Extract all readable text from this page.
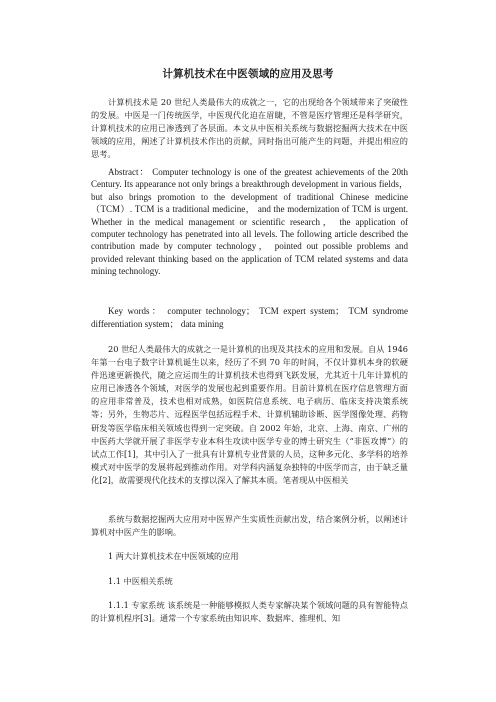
计算机技术在中医领域的应用及思考
计算机技术是 20 世纪人类最伟大的成就之一，它的出现给各个领域带来了突破性的发展。中医是一门传统医学，中医现代化迫在眉睫，不管是医疗管理还是科学研究，计算机技术的应用已渗透到了各层面。本文从中医相关系统与数据挖掘两大技术在中医领域的应用，阐述了计算机技术作出的贡献，同时指出可能产生的问题，并提出相应的思考。
Abstract： Computer technology is one of the greatest achievements of the 20th Century. Its appearance not only brings a breakthrough development in various fields，but also brings promotion to the development of traditional Chinese medicine （TCM）. TCM is a traditional medicine， and the modernization of TCM is urgent. Whether in the medical management or scientific research， the application of computer technology has penetrated into all levels. The following article described the contribution made by computer technology， pointed out possible problems and provided relevant thinking based on the application of TCM related systems and data mining technology.
Key words： computer technology； TCM expert system； TCM syndrome differentiation system； data mining
20 世纪人类最伟大的成就之一是计算机的出现及其技术的应用和发展。自从 1946 年第一台电子数字计算机诞生以来，经历了不到 70 年的时间，不仅计算机本身的软硬件迅速更新换代，随之应运而生的计算机技术也得到飞跃发展，尤其近十几年计算机的应用已渗透各个领域，对医学的发展也起到重要作用。目前计算机在医疗信息管理方面的应用非常普及，技术也相对成熟，如医院信息系统、电子病历、临床支持决策系统等；另外，生物芯片、远程医学包括远程手术、计算机辅助诊断、医学图像处理、药物研发等医学临床相关领域也得到一定突破。自 2002 年始，北京、上海、南京、广州的中医药大学就开展了非医学专业本科生攻读中医学专业的博士研究生（“非医攻博”）的试点工作[1]，其中引入了一批具有计算机专业背景的人员，这种多元化、多学科的培养模式对中医学的发展将起到推动作用。对学科内涵复杂独特的中医学而言，由于缺乏量化[2]，故需要现代化技术的支撑以深入了解其本质。笔者现从中医相关
系统与数据挖掘两大应用对中医界产生实质性贡献出发，结合案例分析，以阐述计算机对中医产生的影响。
1 两大计算机技术在中医领域的应用
1.1 中医相关系统
1.1.1 专家系统 该系统是一种能够模拟人类专家解决某个领域问题的具有智能特点的计算机程序[3]。通常一个专家系统由知识库、数据库、推理机、知
